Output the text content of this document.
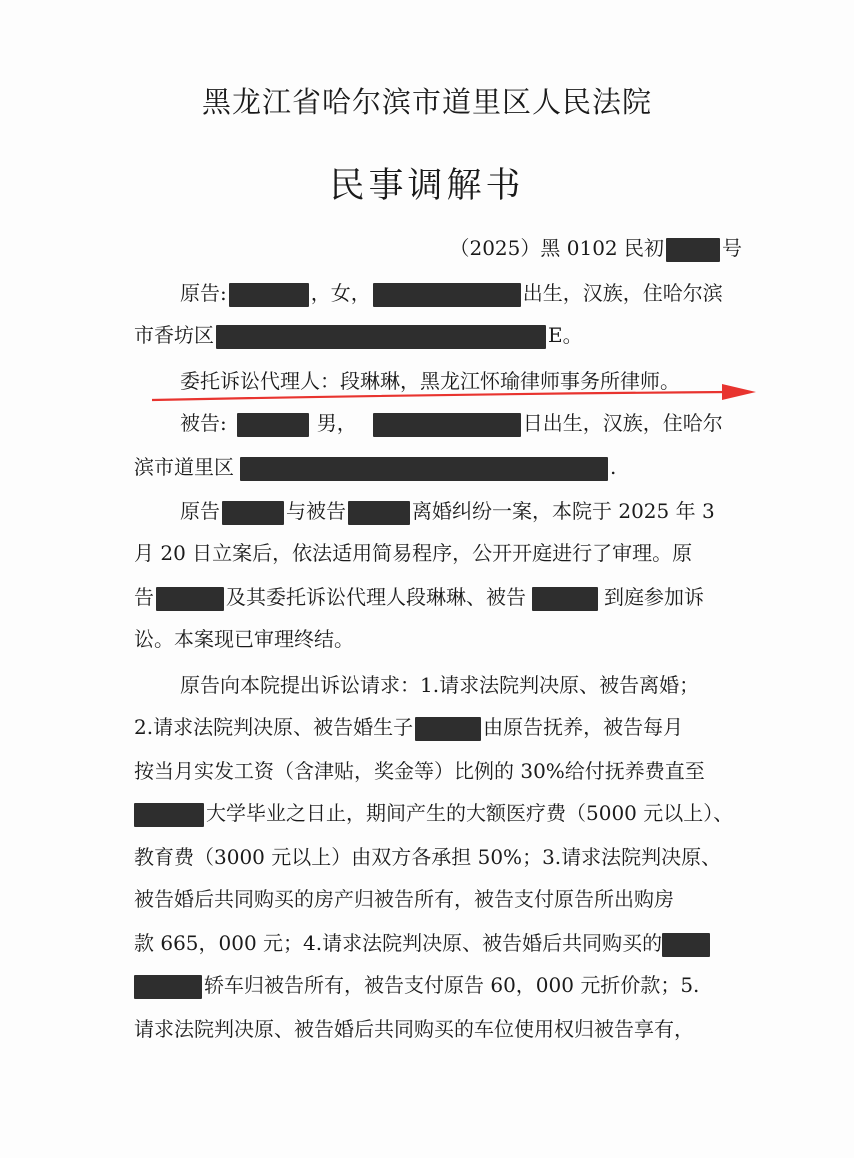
黑龙江省哈尔滨市道里区人民法院
民事调解书
（2025）黑 0102 民初	号
原告:	，女，	出生，汉族，住哈尔滨
市香坊区	E。
委托诉讼代理人：段琳琳，黑龙江怀瑜律师事务所律师。
被告:	男，	日出生，汉族，住哈尔
滨市道里区	.
原告	与被告	离婚纠纷一案，本院于 2025 年 3
月 20 日立案后，依法适用简易程序，公开开庭进行了审理。原
告	及其委托诉讼代理人段琳琳、被告	到庭参加诉
讼。本案现已审理终结。
原告向本院提出诉讼请求：1.请求法院判决原、被告离婚；
2.请求法院判决原、被告婚生子	由原告抚养，被告每月
按当月实发工资（含津贴，奖金等）比例的 30%给付抚养费直至
大学毕业之日止，期间产生的大额医疗费（5000 元以上）、
教育费（3000 元以上）由双方各承担 50%；3.请求法院判决原、
被告婚后共同购买的房产归被告所有，被告支付原告所出购房
款 665，000 元；4.请求法院判决原、被告婚后共同购买的
轿车归被告所有，被告支付原告 60，000 元折价款；5.
请求法院判决原、被告婚后共同购买的车位使用权归被告享有，
